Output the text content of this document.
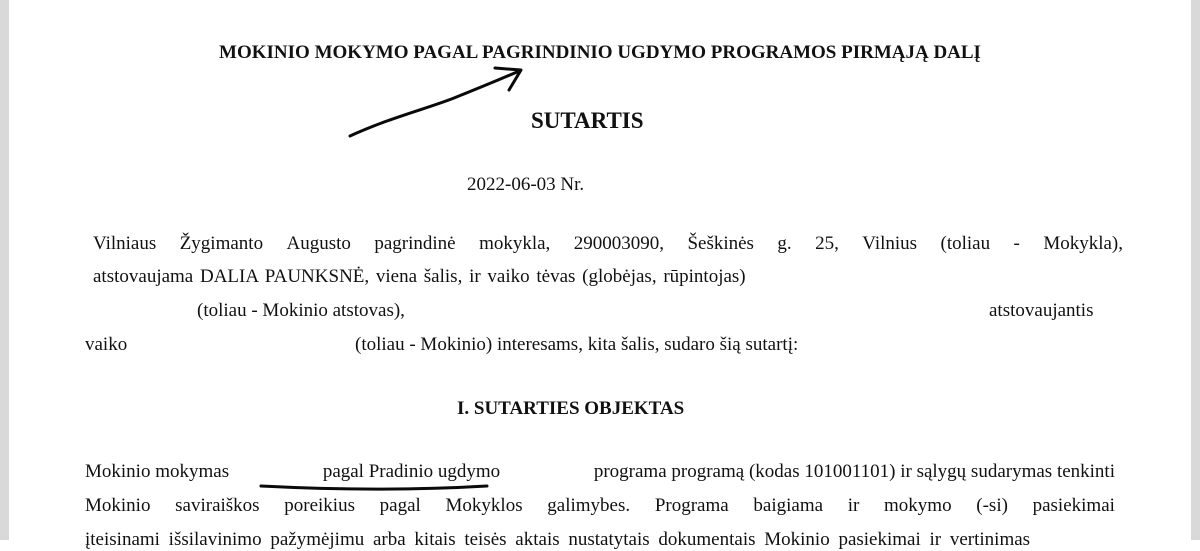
MOKINIO MOKYMO PAGAL PAGRINDINIO UGDYMO PROGRAMOS PIRMĄJĄ DALĮ
SUTARTIS
2022-06-03 Nr.
Vilniaus Žygimanto Augusto pagrindinė mokykla, 290003090, Šeškinės g. 25, Vilnius (toliau - Mokykla),
atstovaujama DALIA PAUNKSNĖ, viena šalis, ir vaiko tėvas (globėjas, rūpintojas)
(toliau - Mokinio atstovas),	atstovaujantis
vaiko	(toliau - Mokinio) interesams, kita šalis, sudaro šią sutartį:
I. SUTARTIES OBJEKTAS
Mokinio mokymas	pagal Pradinio ugdymo	programa programą (kodas 101001101) ir sąlygų sudarymas tenkinti
Mokinio saviraiškos poreikius pagal Mokyklos galimybes. Programa baigiama ir mokymo (-si) pasiekimai
įteisinami išsilavinimo pažymėjimu arba kitais teisės aktais nustatytais dokumentais Mokinio pasiekimai ir vertinimas
